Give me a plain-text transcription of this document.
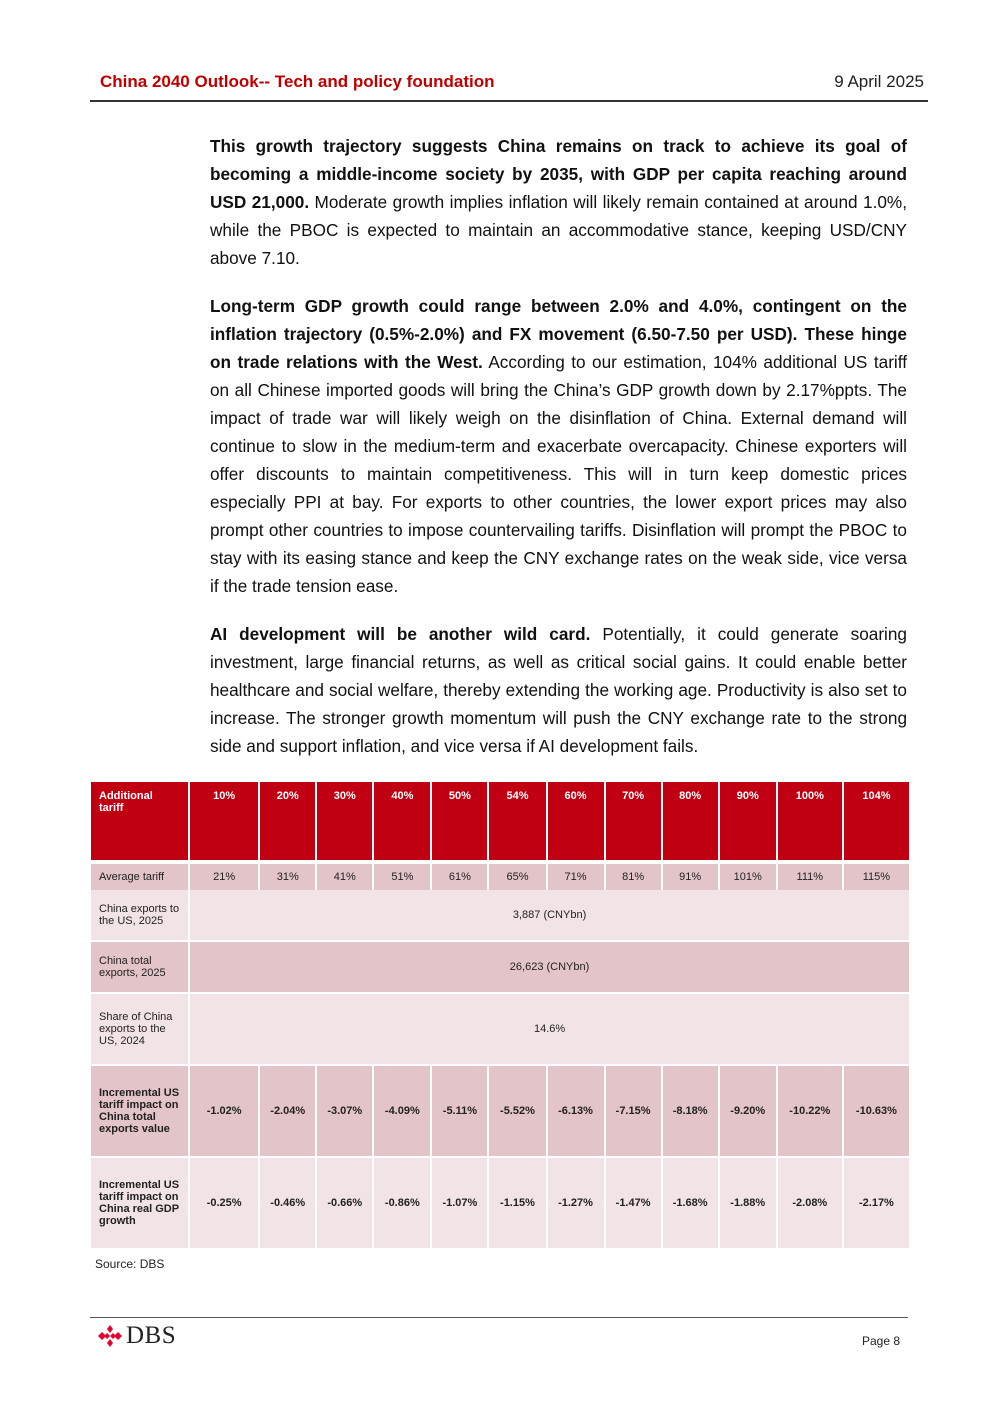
China 2040 Outlook-- Tech and policy foundation	9 April 2025

This growth trajectory suggests China remains on track to achieve its goal of becoming a middle-income society by 2035, with GDP per capita reaching around USD 21,000. Moderate growth implies inflation will likely remain contained at around 1.0%, while the PBOC is expected to maintain an accommodative stance, keeping USD/CNY above 7.10.

Long-term GDP growth could range between 2.0% and 4.0%, contingent on the inflation trajectory (0.5%-2.0%) and FX movement (6.50-7.50 per USD). These hinge on trade relations with the West. According to our estimation, 104% additional US tariff on all Chinese imported goods will bring the China’s GDP growth down by 2.17%ppts. The impact of trade war will likely weigh on the disinflation of China. External demand will continue to slow in the medium-term and exacerbate overcapacity. Chinese exporters will offer discounts to maintain competitiveness. This will in turn keep domestic prices especially PPI at bay. For exports to other countries, the lower export prices may also prompt other countries to impose countervailing tariffs. Disinflation will prompt the PBOC to stay with its easing stance and keep the CNY exchange rates on the weak side, vice versa if the trade tension ease.

AI development will be another wild card. Potentially, it could generate soaring investment, large financial returns, as well as critical social gains. It could enable better healthcare and social welfare, thereby extending the working age. Productivity is also set to increase. The stronger growth momentum will push the CNY exchange rate to the strong side and support inflation, and vice versa if AI development fails.

Additional tariff	10%	20%	30%	40%	50%	54%	60%	70%	80%	90%	100%	104%

Average tariff	21%	31%	41%	51%	61%	65%	71%	81%	91%	101%	111%	115%
China exports to the US, 2025	3,887 (CNYbn)											
China total exports, 2025	26,623 (CNYbn)											
Share of China exports to the US, 2024	14.6%											
Incremental US tariff impact on China total exports value	-1.02%	-2.04%	-3.07%	-4.09%	-5.11%	-5.52%	-6.13%	-7.15%	-8.18%	-9.20%	-10.22%	-10.63%
Incremental US tariff impact on China real GDP growth	-0.25%	-0.46%	-0.66%	-0.86%	-1.07%	-1.15%	-1.27%	-1.47%	-1.68%	-1.88%	-2.08%	-2.17%
Source: DBS
DBS	Page 8
